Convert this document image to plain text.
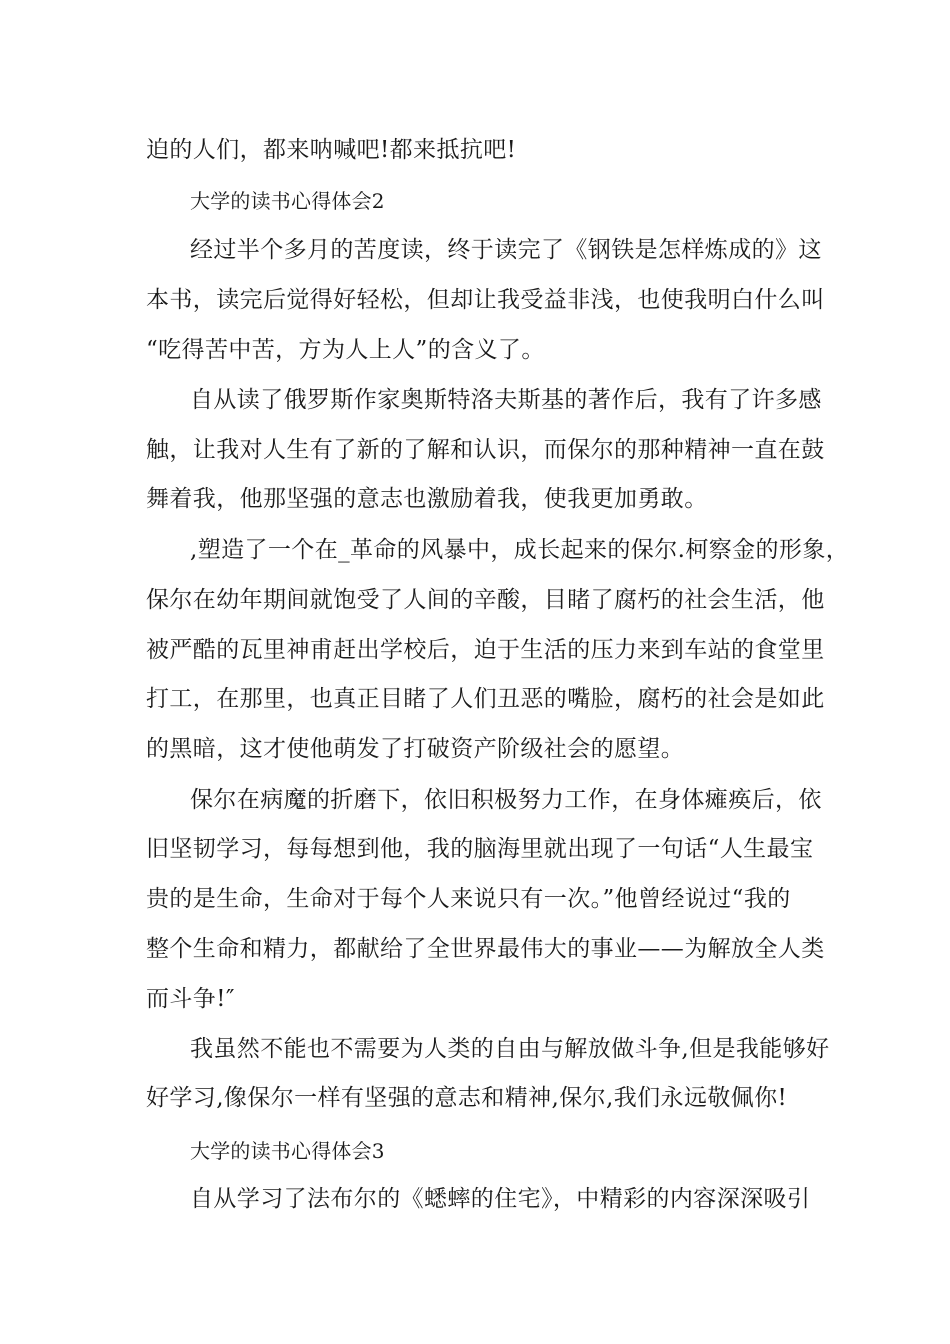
迫的人们，都来呐喊吧!都来抵抗吧!
大学的读书心得体会2
经过半个多月的苦度读，终于读完了《钢铁是怎样炼成的》这
本书，读完后觉得好轻松，但却让我受益非浅，也使我明白什么叫
“吃得苦中苦，方为人上人”的含义了。
自从读了俄罗斯作家奥斯特洛夫斯基的著作后，我有了许多感
触，让我对人生有了新的了解和认识，而保尔的那种精神一直在鼓
舞着我，他那坚强的意志也激励着我，使我更加勇敢。
,塑造了一个在_革命的风暴中，成长起来的保尔.柯察金的形象，
保尔在幼年期间就饱受了人间的辛酸，目睹了腐朽的社会生活，他
被严酷的瓦里神甫赶出学校后，迫于生活的压力来到车站的食堂里
打工，在那里，也真正目睹了人们丑恶的嘴脸，腐朽的社会是如此
的黑暗，这才使他萌发了打破资产阶级社会的愿望。
保尔在病魔的折磨下，依旧积极努力工作，在身体瘫痪后，依
旧坚韧学习，每每想到他，我的脑海里就出现了一句话“人生最宝
贵的是生命，生命对于每个人来说只有一次。”他曾经说过“我的
整个生命和精力，都献给了全世界最伟大的事业——为解放全人类
而斗争!″
我虽然不能也不需要为人类的自由与解放做斗争,但是我能够好
好学习,像保尔一样有坚强的意志和精神,保尔,我们永远敬佩你!
大学的读书心得体会3
自从学习了法布尔的《蟋蟀的住宅》，中精彩的内容深深吸引
